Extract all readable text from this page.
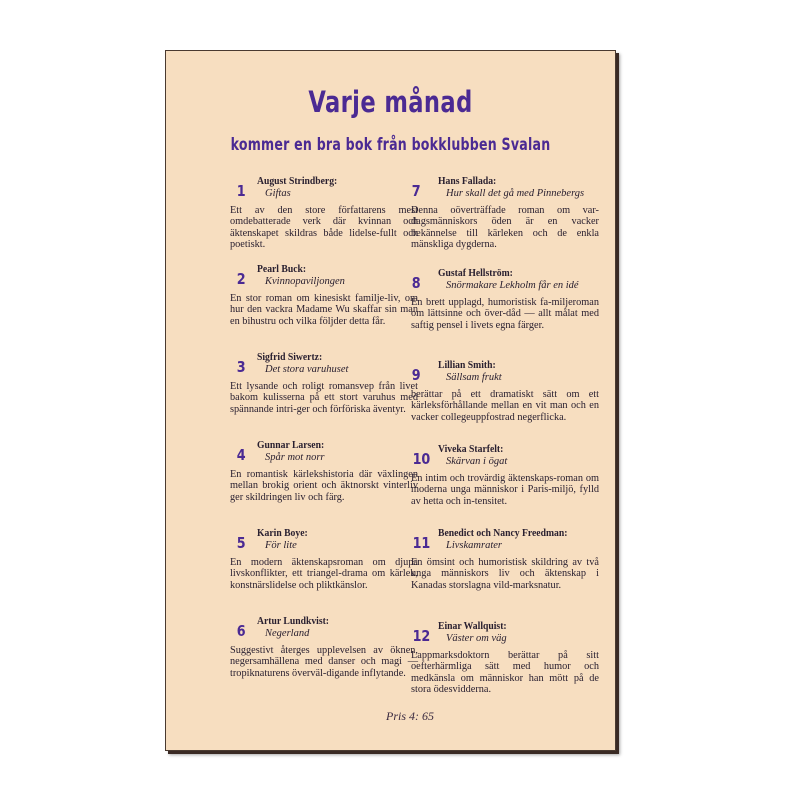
Varje månad
kommer en bra bok från bokklubben Svalan
1
August Strindberg:
Giftas
Ett av den store författarens mest omdebatterade verk där kvinnan och äktenskapet skildras både lidelse-fullt och poetiskt.
2
Pearl Buck:
Kvinnopaviljongen
En stor roman om kinesiskt familje-liv, om hur den vackra Madame Wu skaffar sin man en bihustru och vilka följder detta får.
3
Sigfrid Siwertz:
Det stora varuhuset
Ett lysande och roligt romansvep från livet bakom kulisserna på ett stort varuhus med spännande intri-ger och förföriska äventyr.
4
Gunnar Larsen:
Spår mot norr
En romantisk kärlekshistoria där växlingen mellan brokig orient och äktnorskt vinterliv ger skildringen liv och färg.
5
Karin Boye:
För lite
En modern äktenskapsroman om djupa livskonflikter, ett triangel-drama om kärlek, konstnärslidelse och pliktkänslor.
6
Artur Lundkvist:
Negerland
Suggestivt återges upplevelsen av öknen, negersamhällena med danser och magi — tropiknaturens överväl-digande inflytande.
7
Hans Fallada:
Hur skall det gå med Pinnebergs
Denna oöverträffade roman om var-dagsmänniskors öden är en vacker bekännelse till kärleken och de enkla mänskliga dygderna.
8
Gustaf Hellström:
Snörmakare Lekholm får en idé
En brett upplagd, humoristisk fa-miljeroman om lättsinne och över-dåd — allt målat med saftig pensel i livets egna färger.
9
Lillian Smith:
Sällsam frukt
berättar på ett dramatiskt sätt om ett kärleksförhållande mellan en vit man och en vacker collegeuppfostrad negerflicka.
10
Viveka Starfelt:
Skärvan i ögat
En intim och trovärdig äktenskaps-roman om moderna unga människor i Paris-miljö, fylld av hetta och in-tensitet.
11
Benedict och Nancy Freedman:
Livskamrater
En ömsint och humoristisk skildring av två unga människors liv och äktenskap i Kanadas storslagna vild-marksnatur.
12
Einar Wallquist:
Väster om väg
Lappmarksdoktorn berättar på sitt oefterhärmliga sätt med humor och medkänsla om människor han mött på de stora ödesvidderna.
Pris 4: 65
